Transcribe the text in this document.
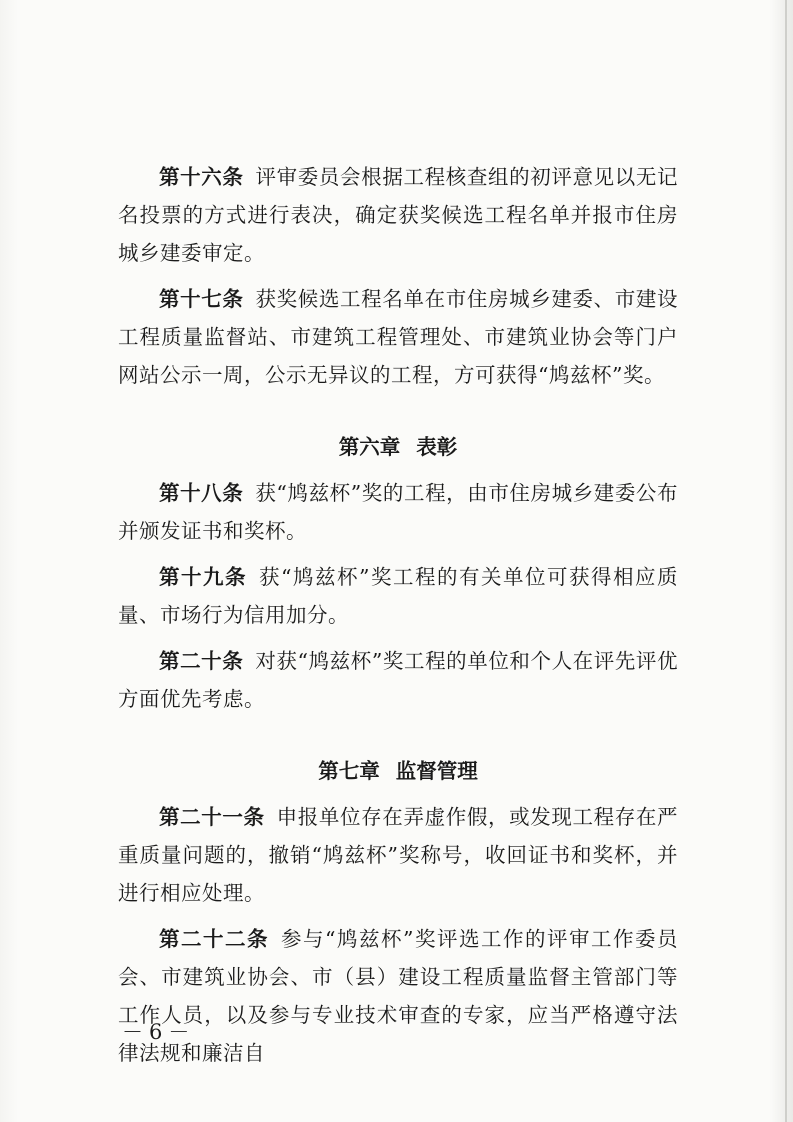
第十六条 评审委员会根据工程核查组的初评意见以无记名投票的方式进行表决，确定获奖候选工程名单并报市住房城乡建委审定。

第十七条 获奖候选工程名单在市住房城乡建委、市建设工程质量监督站、市建筑工程管理处、市建筑业协会等门户网站公示一周，公示无异议的工程，方可获得“鸠兹杯”奖。

第六章 表彰

第十八条 获“鸠兹杯”奖的工程，由市住房城乡建委公布并颁发证书和奖杯。

第十九条 获“鸠兹杯”奖工程的有关单位可获得相应质量、市场行为信用加分。

第二十条 对获“鸠兹杯”奖工程的单位和个人在评先评优方面优先考虑。

第七章 监督管理

第二十一条 申报单位存在弄虚作假，或发现工程存在严重质量问题的，撤销“鸠兹杯”奖称号，收回证书和奖杯，并进行相应处理。

第二十二条 参与“鸠兹杯”奖评选工作的评审工作委员会、市建筑业协会、市（县）建设工程质量监督主管部门等工作人员，以及参与专业技术审查的专家，应当严格遵守法律法规和廉洁自

－6－
